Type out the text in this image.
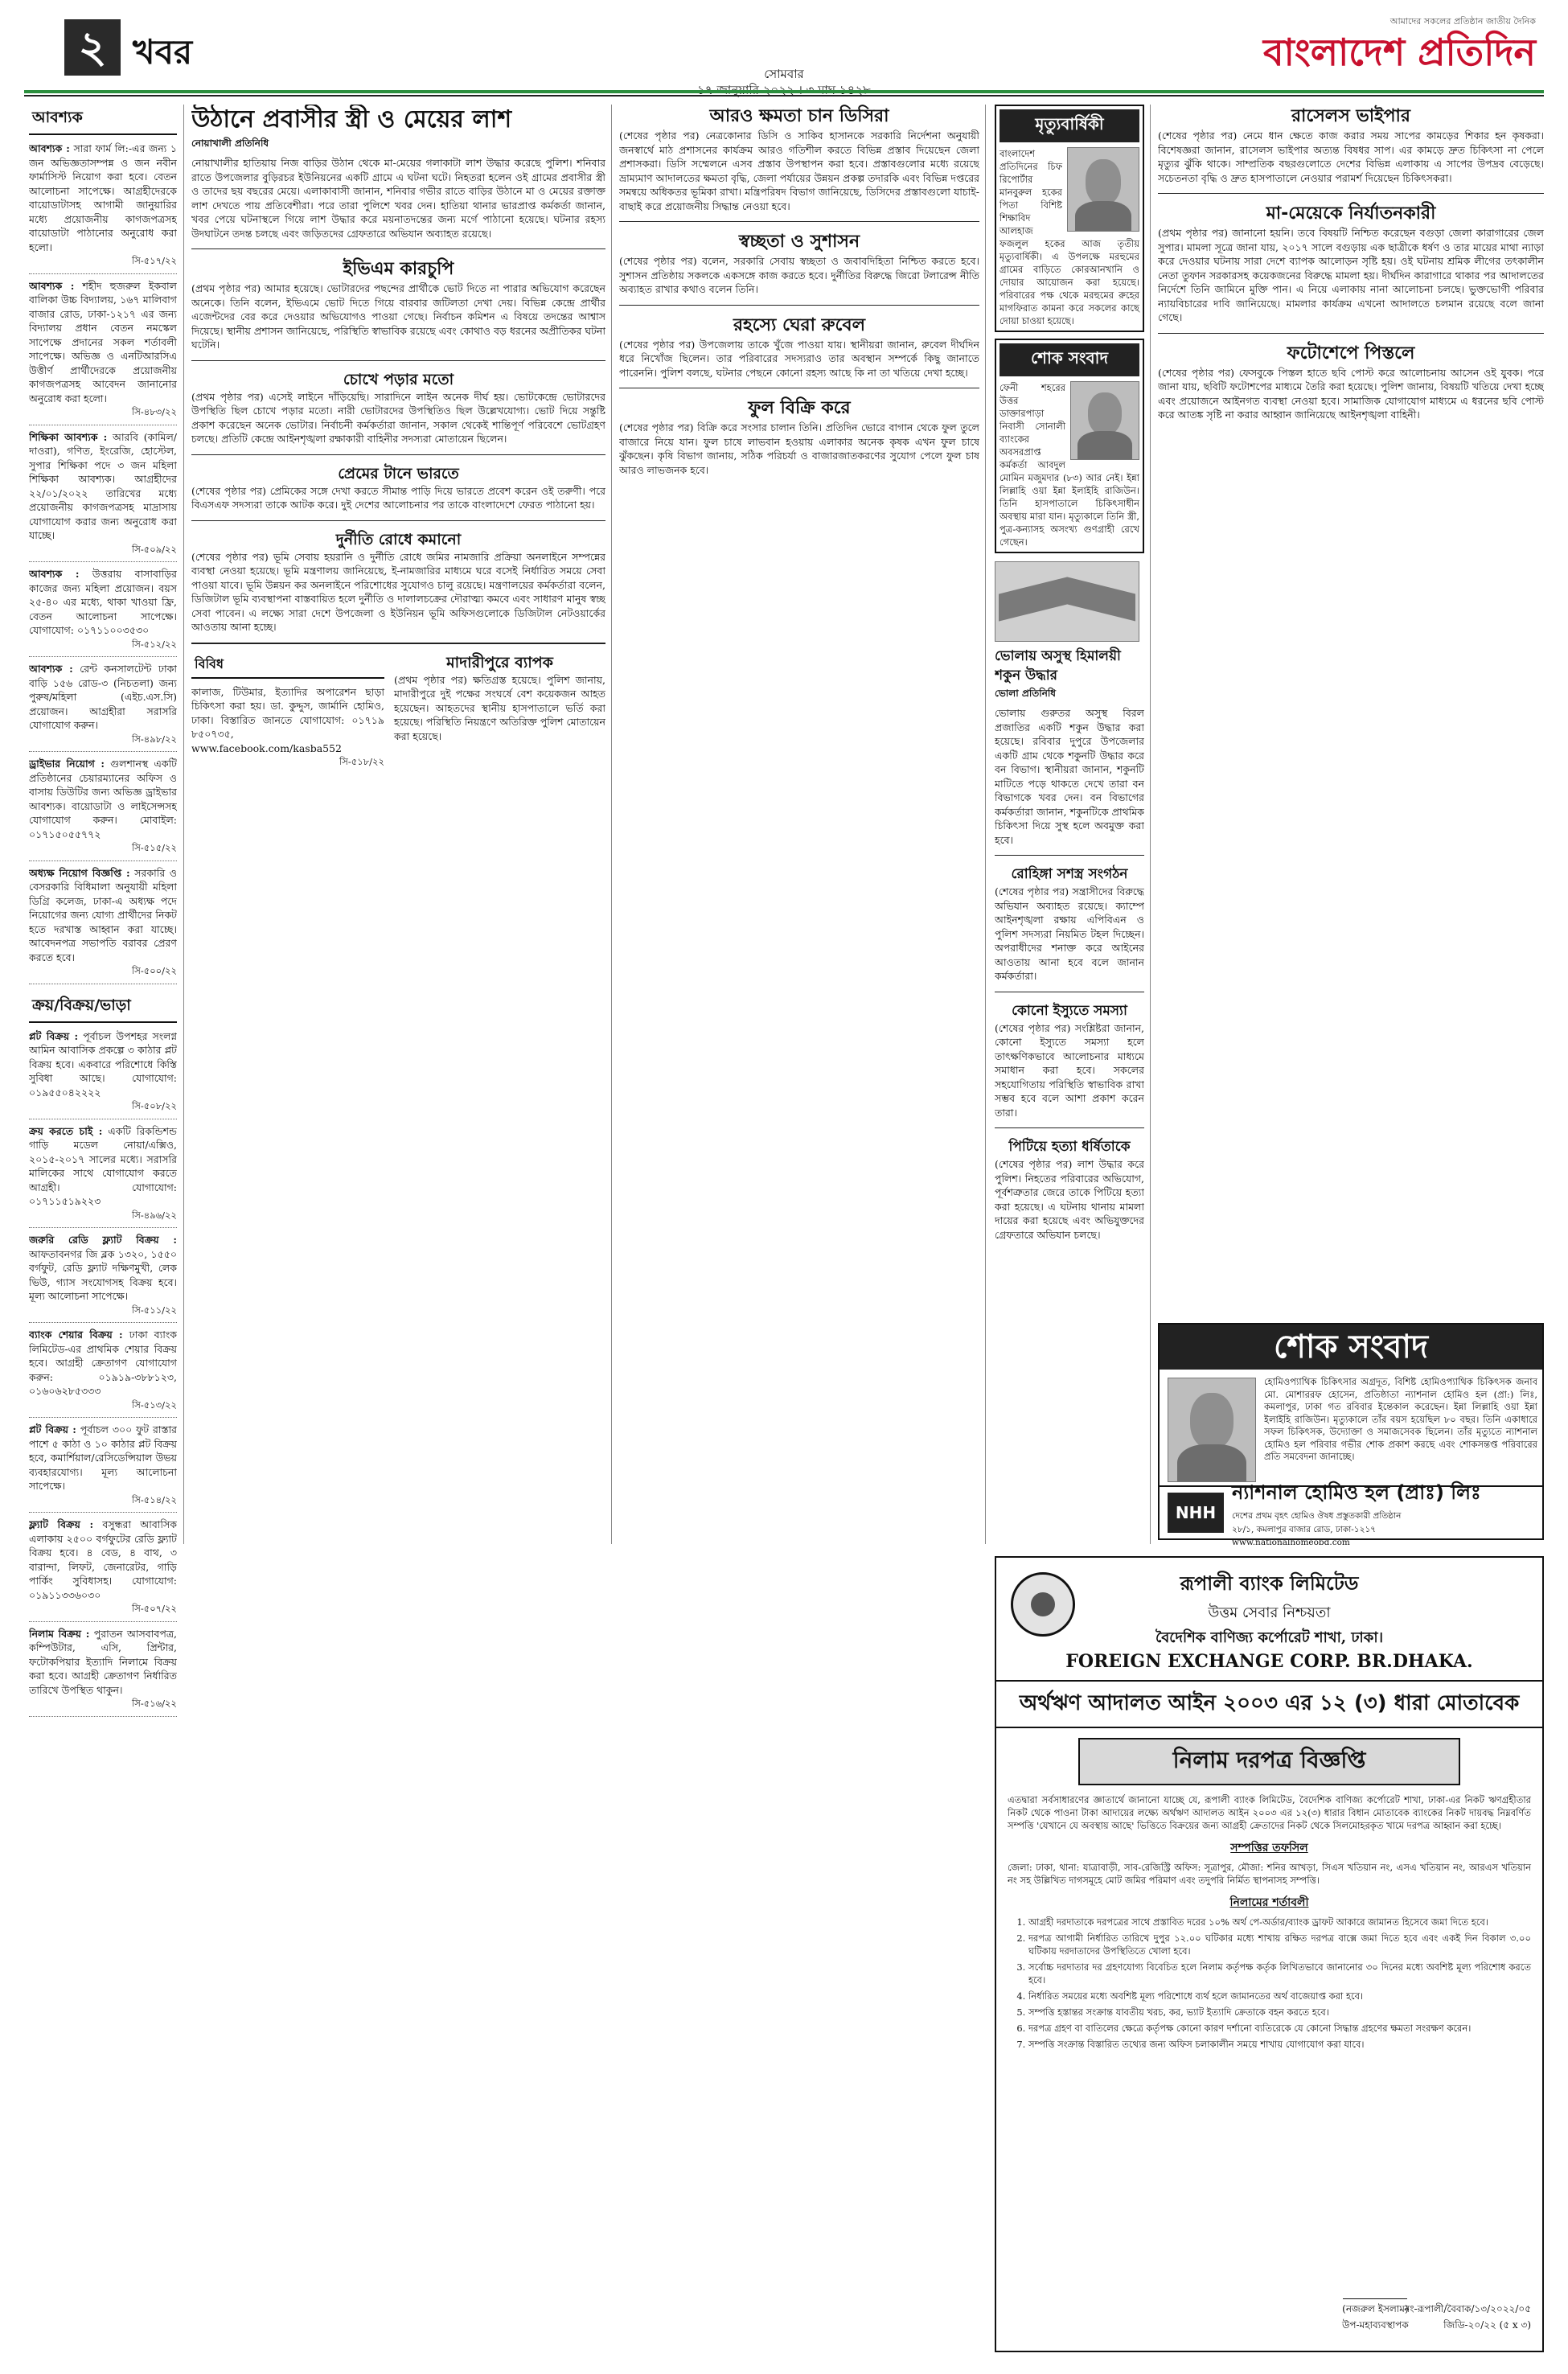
২ খবর
সোমবার
আমাদের সকলের প্রতিষ্ঠান জাতীয় দৈনিক
বাংলাদেশ প্রতিদিন
আবশ্যক
আবশ্যক : সারা ফার্ম লি:-এর জন্য ১ জন অভিজ্ঞতাসম্পন্ন ও জন নবীন ফার্মাসিস্ট নিয়োগ করা হবে। বেতন আলোচনা সাপেক্ষে। আগ্রহীদেরকে বায়োডাটাসহ আগামী জানুয়ারির মধ্যে প্রয়োজনীয় কাগজপত্রসহ বায়োডাটা পাঠানোর অনুরোধ করা হলো।
সি-৫১৭/২২
আবশ্যক : শহীদ হুজরুল ইকবাল বালিকা উচ্চ বিদ্যালয়, ১৬৭ মালিবাগ বাজার রোড, ঢাকা-১২১৭ এর জন্য বিদ্যালয় প্রধান বেতন নমস্কেল সাপেক্ষে প্রদানের সকল শর্তাবলী সাপেক্ষে। অভিজ্ঞ ও এনটিআরসিএ উত্তীর্ণ প্রার্থীদেরকে প্রয়োজনীয় কাগজপত্রসহ আবেদন জানানোর অনুরোধ করা হলো।
সি-৪৮৩/২২
শিক্ষিকা আবশ্যক : আরবি (কামিল/দাওরা), গণিত, ইংরেজি, হোস্টেল, সুপার শিক্ষিকা পদে ৩ জন মহিলা শিক্ষিকা আবশ্যক। আগ্রহীদের ২২/০১/২০২২ তারিখের মধ্যে প্রয়োজনীয় কাগজপত্রসহ মাদ্রাসায় যোগাযোগ করার জন্য অনুরোধ করা যাচ্ছে।
সি-৫০৯/২২
আবশ্যক : উত্তরায় বাসাবাড়ির কাজের জন্য মহিলা প্রয়োজন। বয়স ২৫-৪০ এর মধ্যে, থাকা খাওয়া ফ্রি, বেতন আলোচনা সাপেক্ষে। যোগাযোগ: ০১৭১১০০৩৫৩০
সি-৫১২/২২
আবশ্যক : রেন্ট কনসালটেন্ট ঢাকা বাড়ি ১৫৬ রোড-৩ (নিচতলা) জন্য পুরুষ/মহিলা (এইচ.এস.সি) প্রয়োজন। আগ্রহীরা সরাসরি যোগাযোগ করুন।
সি-৪৯৮/২২
ড্রাইভার নিয়োগ : গুলশানস্থ একটি প্রতিষ্ঠানের চেয়ারম্যানের অফিস ও বাসায় ডিউটির জন্য অভিজ্ঞ ড্রাইভার আবশ্যক। বায়োডাটা ও লাইসেন্সসহ যোগাযোগ করুন। মোবাইল: ০১৭১৫০৫৫৭৭২
সি-৫১৫/২২
অধ্যক্ষ নিয়োগ বিজ্ঞপ্তি : সরকারি ও বেসরকারি বিধিমালা অনুযায়ী মহিলা ডিগ্রি কলেজ, ঢাকা-এ অধ্যক্ষ পদে নিয়োগের জন্য যোগ্য প্রার্থীদের নিকট হতে দরখাস্ত আহ্বান করা যাচ্ছে। আবেদনপত্র সভাপতি বরাবর প্রেরণ করতে হবে।
সি-৫০০/২২
ক্রয়/বিক্রয়/ভাড়া
প্লট বিক্রয় : পূর্বাচল উপশহর সংলগ্ন আমিন আবাসিক প্রকল্পে ৩ কাঠার প্লট বিক্রয় হবে। একবারে পরিশোধে কিস্তি সুবিধা আছে। যোগাযোগ: ০১৯৫৫০৪২২২২
সি-৫০৮/২২
ক্রয় করতে চাই : একটি রিকন্ডিশন্ড গাড়ি মডেল নোয়া/এক্সিও, ২০১৫-২০১৭ সালের মধ্যে। সরাসরি মালিকের সাথে যোগাযোগ করতে আগ্রহী। যোগাযোগ: ০১৭১১৫১৯২২৩
সি-৪৯৬/২২
জরুরি রেডি ফ্ল্যাট বিক্রয় : আফতাবনগর জি ব্লক ১৩২০, ১৫৫০ বর্গফুট, রেডি ফ্ল্যাট দক্ষিণমুখী, লেক ভিউ, গ্যাস সংযোগসহ বিক্রয় হবে। মূল্য আলোচনা সাপেক্ষে।
সি-৫১১/২২
ব্যাংক শেয়ার বিক্রয় : ঢাকা ব্যাংক লিমিটেড-এর প্রাথমিক শেয়ার বিক্রয় হবে। আগ্রহী ক্রেতাগণ যোগাযোগ করুন: ০১৯১৯-৩৮৮১২৩, ০১৬০৬২৮৫৩৩৩
সি-৫১৩/২২
প্লট বিক্রয় : পূর্বাচল ৩০০ ফুট রাস্তার পাশে ৫ কাঠা ও ১০ কাঠার প্লট বিক্রয় হবে, কমার্শিয়াল/রেসিডেন্সিয়াল উভয় ব্যবহারযোগ্য। মূল্য আলোচনা সাপেক্ষে।
সি-৫১৪/২২
ফ্ল্যাট বিক্রয় : বসুন্ধরা আবাসিক এলাকায় ২৫০০ বর্গফুটের রেডি ফ্ল্যাট বিক্রয় হবে। ৪ বেড, ৪ বাথ, ৩ বারান্দা, লিফট, জেনারেটর, গাড়ি পার্কিং সুবিধাসহ। যোগাযোগ: ০১৯১১৩৩৬০৩০
সি-৫০৭/২২
নিলাম বিক্রয় : পুরাতন আসবাবপত্র, কম্পিউটার, এসি, প্রিন্টার, ফটোকপিয়ার ইত্যাদি নিলামে বিক্রয় করা হবে। আগ্রহী ক্রেতাগণ নির্ধারিত তারিখে উপস্থিত থাকুন।
সি-৫১৬/২২
উঠানে প্রবাসীর স্ত্রী ও মেয়ের লাশ
নোয়াখালী প্রতিনিধি
নোয়াখালীর হাতিয়ায় নিজ বাড়ির উঠান থেকে মা-মেয়ের গলাকাটা লাশ উদ্ধার করেছে পুলিশ। শনিবার রাতে উপজেলার বুড়িরচর ইউনিয়নের একটি গ্রামে এ ঘটনা ঘটে। নিহতরা হলেন ওই গ্রামের প্রবাসীর স্ত্রী ও তাদের ছয় বছরের মেয়ে। এলাকাবাসী জানান, শনিবার গভীর রাতে বাড়ির উঠানে মা ও মেয়ের রক্তাক্ত লাশ দেখতে পায় প্রতিবেশীরা। পরে তারা পুলিশে খবর দেন। হাতিয়া থানার ভারপ্রাপ্ত কর্মকর্তা জানান, খবর পেয়ে ঘটনাস্থলে গিয়ে লাশ উদ্ধার করে ময়নাতদন্তের জন্য মর্গে পাঠানো হয়েছে। ঘটনার রহস্য উদঘাটনে তদন্ত চলছে এবং জড়িতদের গ্রেফতারে অভিযান অব্যাহত রয়েছে।
ইভিএম কারচুপি
(প্রথম পৃষ্ঠার পর) আমার হয়েছে। ভোটারদের পছন্দের প্রার্থীকে ভোট দিতে না পারার অভিযোগ করেছেন অনেকে। তিনি বলেন, ইভিএমে ভোট দিতে গিয়ে বারবার জটিলতা দেখা দেয়। বিভিন্ন কেন্দ্রে প্রার্থীর এজেন্টদের বের করে দেওয়ার অভিযোগও পাওয়া গেছে। নির্বাচন কমিশন এ বিষয়ে তদন্তের আশ্বাস দিয়েছে। স্থানীয় প্রশাসন জানিয়েছে, পরিস্থিতি স্বাভাবিক রয়েছে এবং কোথাও বড় ধরনের অপ্রীতিকর ঘটনা ঘটেনি।
চোখে পড়ার মতো
(প্রথম পৃষ্ঠার পর) এসেই লাইনে দাঁড়িয়েছি। সারাদিনে লাইন অনেক দীর্ঘ হয়। ভোটকেন্দ্রে ভোটারদের উপস্থিতি ছিল চোখে পড়ার মতো। নারী ভোটারদের উপস্থিতিও ছিল উল্লেখযোগ্য। ভোট দিয়ে সন্তুষ্টি প্রকাশ করেছেন অনেক ভোটার। নির্বাচনী কর্মকর্তারা জানান, সকাল থেকেই শান্তিপূর্ণ পরিবেশে ভোটগ্রহণ চলছে। প্রতিটি কেন্দ্রে আইনশৃঙ্খলা রক্ষাকারী বাহিনীর সদস্যরা মোতায়েন ছিলেন।
প্রেমের টানে ভারতে
(শেষের পৃষ্ঠার পর) প্রেমিকের সঙ্গে দেখা করতে সীমান্ত পাড়ি দিয়ে ভারতে প্রবেশ করেন ওই তরুণী। পরে বিএসএফ সদস্যরা তাকে আটক করে। দুই দেশের আলোচনার পর তাকে বাংলাদেশে ফেরত পাঠানো হয়।
দুর্নীতি রোধে কমানো
(শেষের পৃষ্ঠার পর) ভূমি সেবায় হয়রানি ও দুর্নীতি রোধে জমির নামজারি প্রক্রিয়া অনলাইনে সম্পন্নের ব্যবস্থা নেওয়া হয়েছে। ভূমি মন্ত্রণালয় জানিয়েছে, ই-নামজারির মাধ্যমে ঘরে বসেই নির্ধারিত সময়ে সেবা পাওয়া যাবে। ভূমি উন্নয়ন কর অনলাইনে পরিশোধের সুযোগও চালু রয়েছে। মন্ত্রণালয়ের কর্মকর্তারা বলেন, ডিজিটাল ভূমি ব্যবস্থাপনা বাস্তবায়িত হলে দুর্নীতি ও দালালচক্রের দৌরাত্ম্য কমবে এবং সাধারণ মানুষ স্বচ্ছ সেবা পাবেন। এ লক্ষ্যে সারা দেশে উপজেলা ও ইউনিয়ন ভূমি অফিসগুলোকে ডিজিটাল নেটওয়ার্কের আওতায় আনা হচ্ছে।
বিবিধ
কালাজ, টিউমার, ইত্যাদির অপারেশন ছাড়া চিকিৎসা করা হয়। ডা. কুদ্দুস, জার্মানি হোমিও, ঢাকা। বিস্তারিত জানতে যোগাযোগ: ০১৭১৯ ৮৫০৭৩৫, www.facebook.com/kasba552
সি-৫১৮/২২
মাদারীপুরে ব্যাপক
(প্রথম পৃষ্ঠার পর) ক্ষতিগ্রস্ত হয়েছে। পুলিশ জানায়, মাদারীপুরে দুই পক্ষের সংঘর্ষে বেশ কয়েকজন আহত হয়েছেন। আহতদের স্থানীয় হাসপাতালে ভর্তি করা হয়েছে। পরিস্থিতি নিয়ন্ত্রণে অতিরিক্ত পুলিশ মোতায়েন করা হয়েছে।
আরও ক্ষমতা চান ডিসিরা
(শেষের পৃষ্ঠার পর) নেত্রকোনার ডিসি ও সাকিব হাসানকে সরকারি নির্দেশনা অনুযায়ী জনস্বার্থে মাঠ প্রশাসনের কার্যক্রম আরও গতিশীল করতে বিভিন্ন প্রস্তাব দিয়েছেন জেলা প্রশাসকরা। ডিসি সম্মেলনে এসব প্রস্তাব উপস্থাপন করা হবে। প্রস্তাবগুলোর মধ্যে রয়েছে ভ্রাম্যমাণ আদালতের ক্ষমতা বৃদ্ধি, জেলা পর্যায়ের উন্নয়ন প্রকল্প তদারকি এবং বিভিন্ন দপ্তরের সমন্বয়ে অধিকতর ভূমিকা রাখা। মন্ত্রিপরিষদ বিভাগ জানিয়েছে, ডিসিদের প্রস্তাবগুলো যাচাই-বাছাই করে প্রয়োজনীয় সিদ্ধান্ত নেওয়া হবে।
স্বচ্ছতা ও সুশাসন
(শেষের পৃষ্ঠার পর) বলেন, সরকারি সেবায় স্বচ্ছতা ও জবাবদিহিতা নিশ্চিত করতে হবে। সুশাসন প্রতিষ্ঠায় সকলকে একসঙ্গে কাজ করতে হবে। দুর্নীতির বিরুদ্ধে জিরো টলারেন্স নীতি অব্যাহত রাখার কথাও বলেন তিনি।
রহস্যে ঘেরা রুবেল
(শেষের পৃষ্ঠার পর) উপজেলায় তাকে খুঁজে পাওয়া যায়। স্থানীয়রা জানান, রুবেল দীর্ঘদিন ধরে নিখোঁজ ছিলেন। তার পরিবারের সদস্যরাও তার অবস্থান সম্পর্কে কিছু জানাতে পারেননি। পুলিশ বলছে, ঘটনার পেছনে কোনো রহস্য আছে কি না তা খতিয়ে দেখা হচ্ছে।
ফুল বিক্রি করে
(শেষের পৃষ্ঠার পর) বিক্রি করে সংসার চালান তিনি। প্রতিদিন ভোরে বাগান থেকে ফুল তুলে বাজারে নিয়ে যান। ফুল চাষে লাভবান হওয়ায় এলাকার অনেক কৃষক এখন ফুল চাষে ঝুঁকছেন। কৃষি বিভাগ জানায়, সঠিক পরিচর্যা ও বাজারজাতকরণের সুযোগ পেলে ফুল চাষ আরও লাভজনক হবে।
মৃত্যুবার্ষিকী
বাংলাদেশ প্রতিদিনের চিফ রিপোর্টার মানবুরুল হকের পিতা বিশিষ্ট শিক্ষাবিদ আলহাজ ফজলুল হকের আজ তৃতীয় মৃত্যুবার্ষিকী। এ উপলক্ষে মরহুমের গ্রামের বাড়িতে কোরআনখানি ও দোয়ার আয়োজন করা হয়েছে। পরিবারের পক্ষ থেকে মরহুমের রুহের মাগফিরাত কামনা করে সকলের কাছে দোয়া চাওয়া হয়েছে।
শোক সংবাদ
ফেনী শহরের উত্তর ডাক্তারপাড়া নিবাসী সোনালী ব্যাংকের অবসরপ্রাপ্ত কর্মকর্তা আবদুল মোমিন মজুমদার (৮৩) আর নেই। ইন্না লিল্লাহি ওয়া ইন্না ইলাইহি রাজিউন। তিনি হাসপাতালে চিকিৎসাধীন অবস্থায় মারা যান। মৃত্যুকালে তিনি স্ত্রী, পুত্র-কন্যাসহ অসংখ্য গুণগ্রাহী রেখে গেছেন।
ভোলায় অসুস্থ হিমালয়ী শকুন উদ্ধার
ভোলা প্রতিনিধি
ভোলায় গুরুতর অসুস্থ বিরল প্রজাতির একটি শকুন উদ্ধার করা হয়েছে। রবিবার দুপুরে উপজেলার একটি গ্রাম থেকে শকুনটি উদ্ধার করে বন বিভাগ। স্থানীয়রা জানান, শকুনটি মাটিতে পড়ে থাকতে দেখে তারা বন বিভাগকে খবর দেন। বন বিভাগের কর্মকর্তারা জানান, শকুনটিকে প্রাথমিক চিকিৎসা দিয়ে সুস্থ হলে অবমুক্ত করা হবে।
রোহিঙ্গা সশস্ত্র সংগঠন
(শেষের পৃষ্ঠার পর) সন্ত্রাসীদের বিরুদ্ধে অভিযান অব্যাহত রয়েছে। ক্যাম্পে আইনশৃঙ্খলা রক্ষায় এপিবিএন ও পুলিশ সদস্যরা নিয়মিত টহল দিচ্ছেন। অপরাধীদের শনাক্ত করে আইনের আওতায় আনা হবে বলে জানান কর্মকর্তারা।
কোনো ইস্যুতে সমস্যা
(শেষের পৃষ্ঠার পর) সংশ্লিষ্টরা জানান, কোনো ইস্যুতে সমস্যা হলে তাৎক্ষণিকভাবে আলোচনার মাধ্যমে সমাধান করা হবে। সকলের সহযোগিতায় পরিস্থিতি স্বাভাবিক রাখা সম্ভব হবে বলে আশা প্রকাশ করেন তারা।
পিটিয়ে হত্যা ধর্ষিতাকে
(শেষের পৃষ্ঠার পর) লাশ উদ্ধার করে পুলিশ। নিহতের পরিবারের অভিযোগ, পূর্বশত্রুতার জেরে তাকে পিটিয়ে হত্যা করা হয়েছে। এ ঘটনায় থানায় মামলা দায়ের করা হয়েছে এবং অভিযুক্তদের গ্রেফতারে অভিযান চলছে।
রাসেলস ভাইপার
(শেষের পৃষ্ঠার পর) নেমে ধান ক্ষেতে কাজ করার সময় সাপের কামড়ের শিকার হন কৃষকরা। বিশেষজ্ঞরা জানান, রাসেলস ভাইপার অত্যন্ত বিষধর সাপ। এর কামড়ে দ্রুত চিকিৎসা না পেলে মৃত্যুর ঝুঁকি থাকে। সাম্প্রতিক বছরগুলোতে দেশের বিভিন্ন এলাকায় এ সাপের উপদ্রব বেড়েছে। সচেতনতা বৃদ্ধি ও দ্রুত হাসপাতালে নেওয়ার পরামর্শ দিয়েছেন চিকিৎসকরা।
মা-মেয়েকে নির্যাতনকারী
(প্রথম পৃষ্ঠার পর) জানানো হয়নি। তবে বিষয়টি নিশ্চিত করেছেন বগুড়া জেলা কারাগারের জেল সুপার। মামলা সূত্রে জানা যায়, ২০১৭ সালে বগুড়ায় এক ছাত্রীকে ধর্ষণ ও তার মায়ের মাথা ন্যাড়া করে দেওয়ার ঘটনায় সারা দেশে ব্যাপক আলোড়ন সৃষ্টি হয়। ওই ঘটনায় শ্রমিক লীগের তৎকালীন নেতা তুফান সরকারসহ কয়েকজনের বিরুদ্ধে মামলা হয়। দীর্ঘদিন কারাগারে থাকার পর আদালতের নির্দেশে তিনি জামিনে মুক্তি পান। এ নিয়ে এলাকায় নানা আলোচনা চলছে। ভুক্তভোগী পরিবার ন্যায়বিচারের দাবি জানিয়েছে। মামলার কার্যক্রম এখনো আদালতে চলমান রয়েছে বলে জানা গেছে।
ফটোশেপে পিস্তলে
(শেষের পৃষ্ঠার পর) ফেসবুকে পিস্তল হাতে ছবি পোস্ট করে আলোচনায় আসেন ওই যুবক। পরে জানা যায়, ছবিটি ফটোশপের মাধ্যমে তৈরি করা হয়েছে। পুলিশ জানায়, বিষয়টি খতিয়ে দেখা হচ্ছে এবং প্রয়োজনে আইনগত ব্যবস্থা নেওয়া হবে। সামাজিক যোগাযোগ মাধ্যমে এ ধরনের ছবি পোস্ট করে আতঙ্ক সৃষ্টি না করার আহ্বান জানিয়েছে আইনশৃঙ্খলা বাহিনী।
শোক সংবাদ
হোমিওপ্যাথিক চিকিৎসার অগ্রদূত, বিশিষ্ট হোমিওপ্যাথিক চিকিৎসক জনাব মো. মোশাররফ হোসেন, প্রতিষ্ঠাতা ন্যাশনাল হোমিও হল (প্রা:) লিঃ, কমলাপুর, ঢাকা গত রবিবার ইন্তেকাল করেছেন। ইন্না লিল্লাহি ওয়া ইন্না ইলাইহি রাজিউন। মৃত্যুকালে তাঁর বয়স হয়েছিল ৮০ বছর। তিনি একাধারে সফল চিকিৎসক, উদ্যোক্তা ও সমাজসেবক ছিলেন। তাঁর মৃত্যুতে ন্যাশনাল হোমিও হল পরিবার গভীর শোক প্রকাশ করছে এবং শোকসন্তপ্ত পরিবারের প্রতি সমবেদনা জানাচ্ছে।
NHH
ন্যাশনাল হোমিও হল (প্রাঃ) লিঃ
দেশের প্রথম বৃহৎ হোমিও ঔষধ প্রস্তুতকারী প্রতিষ্ঠান
২৮/১, কমলাপুর বাজার রোড, ঢাকা-১২১৭
www.nationalhomeobd.com
রূপালী ব্যাংক লিমিটেড
উত্তম সেবার নিশ্চয়তা
বৈদেশিক বাণিজ্য কর্পোরেট শাখা, ঢাকা।
FOREIGN EXCHANGE CORP. BR.DHAKA.
অর্থঋণ আদালত আইন ২০০৩ এর ১২ (৩) ধারা মোতাবেক
নিলাম দরপত্র বিজ্ঞপ্তি
এতদ্বারা সর্বসাধারণের জ্ঞাতার্থে জানানো যাচ্ছে যে, রূপালী ব্যাংক লিমিটেড, বৈদেশিক বাণিজ্য কর্পোরেট শাখা, ঢাকা-এর নিকট ঋণগ্রহীতার নিকট থেকে পাওনা টাকা আদায়ের লক্ষ্যে অর্থঋণ আদালত আইন ২০০৩ এর ১২(৩) ধারার বিধান মোতাবেক ব্যাংকের নিকট দায়বদ্ধ নিম্নবর্ণিত সম্পত্তি 'যেখানে যে অবস্থায় আছে' ভিত্তিতে বিক্রয়ের জন্য আগ্রহী ক্রেতাদের নিকট থেকে সিলমোহরকৃত খামে দরপত্র আহ্বান করা হচ্ছে।
সম্পত্তির তফসিল
জেলা: ঢাকা, থানা: যাত্রাবাড়ী, সাব-রেজিস্ট্রি অফিস: সূত্রাপুর, মৌজা: শনির আখড়া, সিএস খতিয়ান নং, এসএ খতিয়ান নং, আরএস খতিয়ান নং সহ উল্লিখিত দাগসমূহে মোট জমির পরিমাণ এবং তদুপরি নির্মিত স্থাপনাসহ সম্পত্তি।
নিলামের শর্তাবলী
1. আগ্রহী দরদাতাকে দরপত্রের সাথে প্রস্তাবিত দরের ১০% অর্থ পে-অর্ডার/ব্যাংক ড্রাফট আকারে জামানত হিসেবে জমা দিতে হবে।
2. দরপত্র আগামী নির্ধারিত তারিখে দুপুর ১২.০০ ঘটিকার মধ্যে শাখায় রক্ষিত দরপত্র বাক্সে জমা দিতে হবে এবং একই দিন বিকাল ৩.০০ ঘটিকায় দরদাতাদের উপস্থিতিতে খোলা হবে।
3. সর্বোচ্চ দরদাতার দর গ্রহণযোগ্য বিবেচিত হলে নিলাম কর্তৃপক্ষ কর্তৃক লিখিতভাবে জানানোর ৩০ দিনের মধ্যে অবশিষ্ট মূল্য পরিশোধ করতে হবে।
4. নির্ধারিত সময়ের মধ্যে অবশিষ্ট মূল্য পরিশোধে ব্যর্থ হলে জামানতের অর্থ বাজেয়াপ্ত করা হবে।
5. সম্পত্তি হস্তান্তর সংক্রান্ত যাবতীয় খরচ, কর, ভ্যাট ইত্যাদি ক্রেতাকে বহন করতে হবে।
6. দরপত্র গ্রহণ বা বাতিলের ক্ষেত্রে কর্তৃপক্ষ কোনো কারণ দর্শানো ব্যতিরেকে যে কোনো সিদ্ধান্ত গ্রহণের ক্ষমতা সংরক্ষণ করেন।
7. সম্পত্তি সংক্রান্ত বিস্তারিত তথ্যের জন্য অফিস চলাকালীন সময়ে শাখায় যোগাযোগ করা যাবে।
(নজরুল ইসলাম)
উপ-মহাব্যবস্থাপক
নং-রূপালী/বৈবাক/১৩/২০২২/০৫
জিডি-২০/২২ (৫ x ৩)
